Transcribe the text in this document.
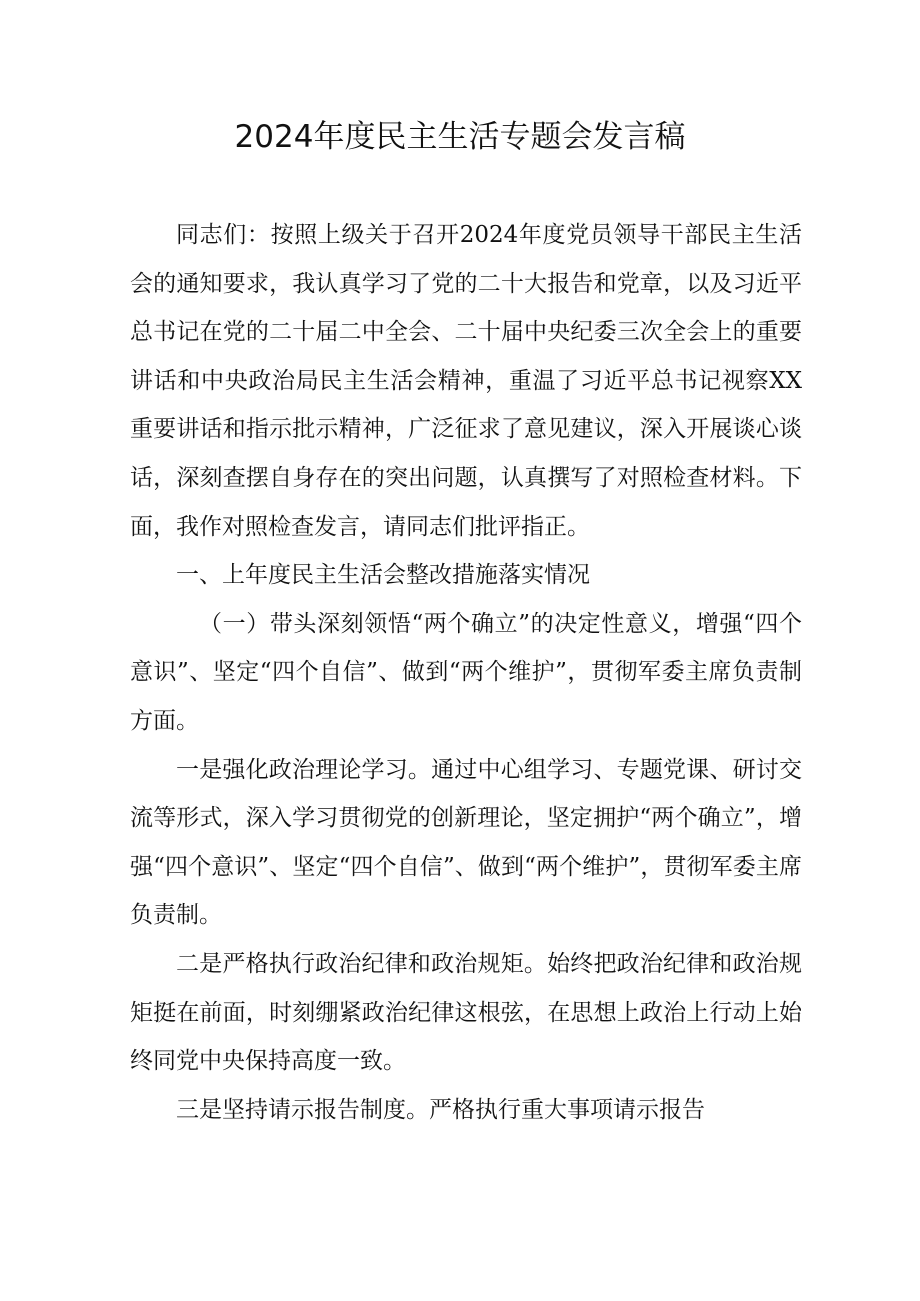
2024年度民主生活专题会发言稿

同志们：按照上级关于召开2024年度党员领导干部民主生活会的通知要求，我认真学习了党的二十大报告和党章，以及习近平总书记在党的二十届二中全会、二十届中央纪委三次全会上的重要讲话和中央政治局民主生活会精神，重温了习近平总书记视察XX重要讲话和指示批示精神，广泛征求了意见建议，深入开展谈心谈话，深刻查摆自身存在的突出问题，认真撰写了对照检查材料。下面，我作对照检查发言，请同志们批评指正。

一、上年度民主生活会整改措施落实情况

（一）带头深刻领悟“两个确立”的决定性意义，增强“四个意识”、坚定“四个自信”、做到“两个维护”，贯彻军委主席负责制方面。

一是强化政治理论学习。通过中心组学习、专题党课、研讨交流等形式，深入学习贯彻党的创新理论，坚定拥护“两个确立”，增强“四个意识”、坚定“四个自信”、做到“两个维护”，贯彻军委主席负责制。

二是严格执行政治纪律和政治规矩。始终把政治纪律和政治规矩挺在前面，时刻绷紧政治纪律这根弦，在思想上政治上行动上始终同党中央保持高度一致。

三是坚持请示报告制度。严格执行重大事项请示报告
